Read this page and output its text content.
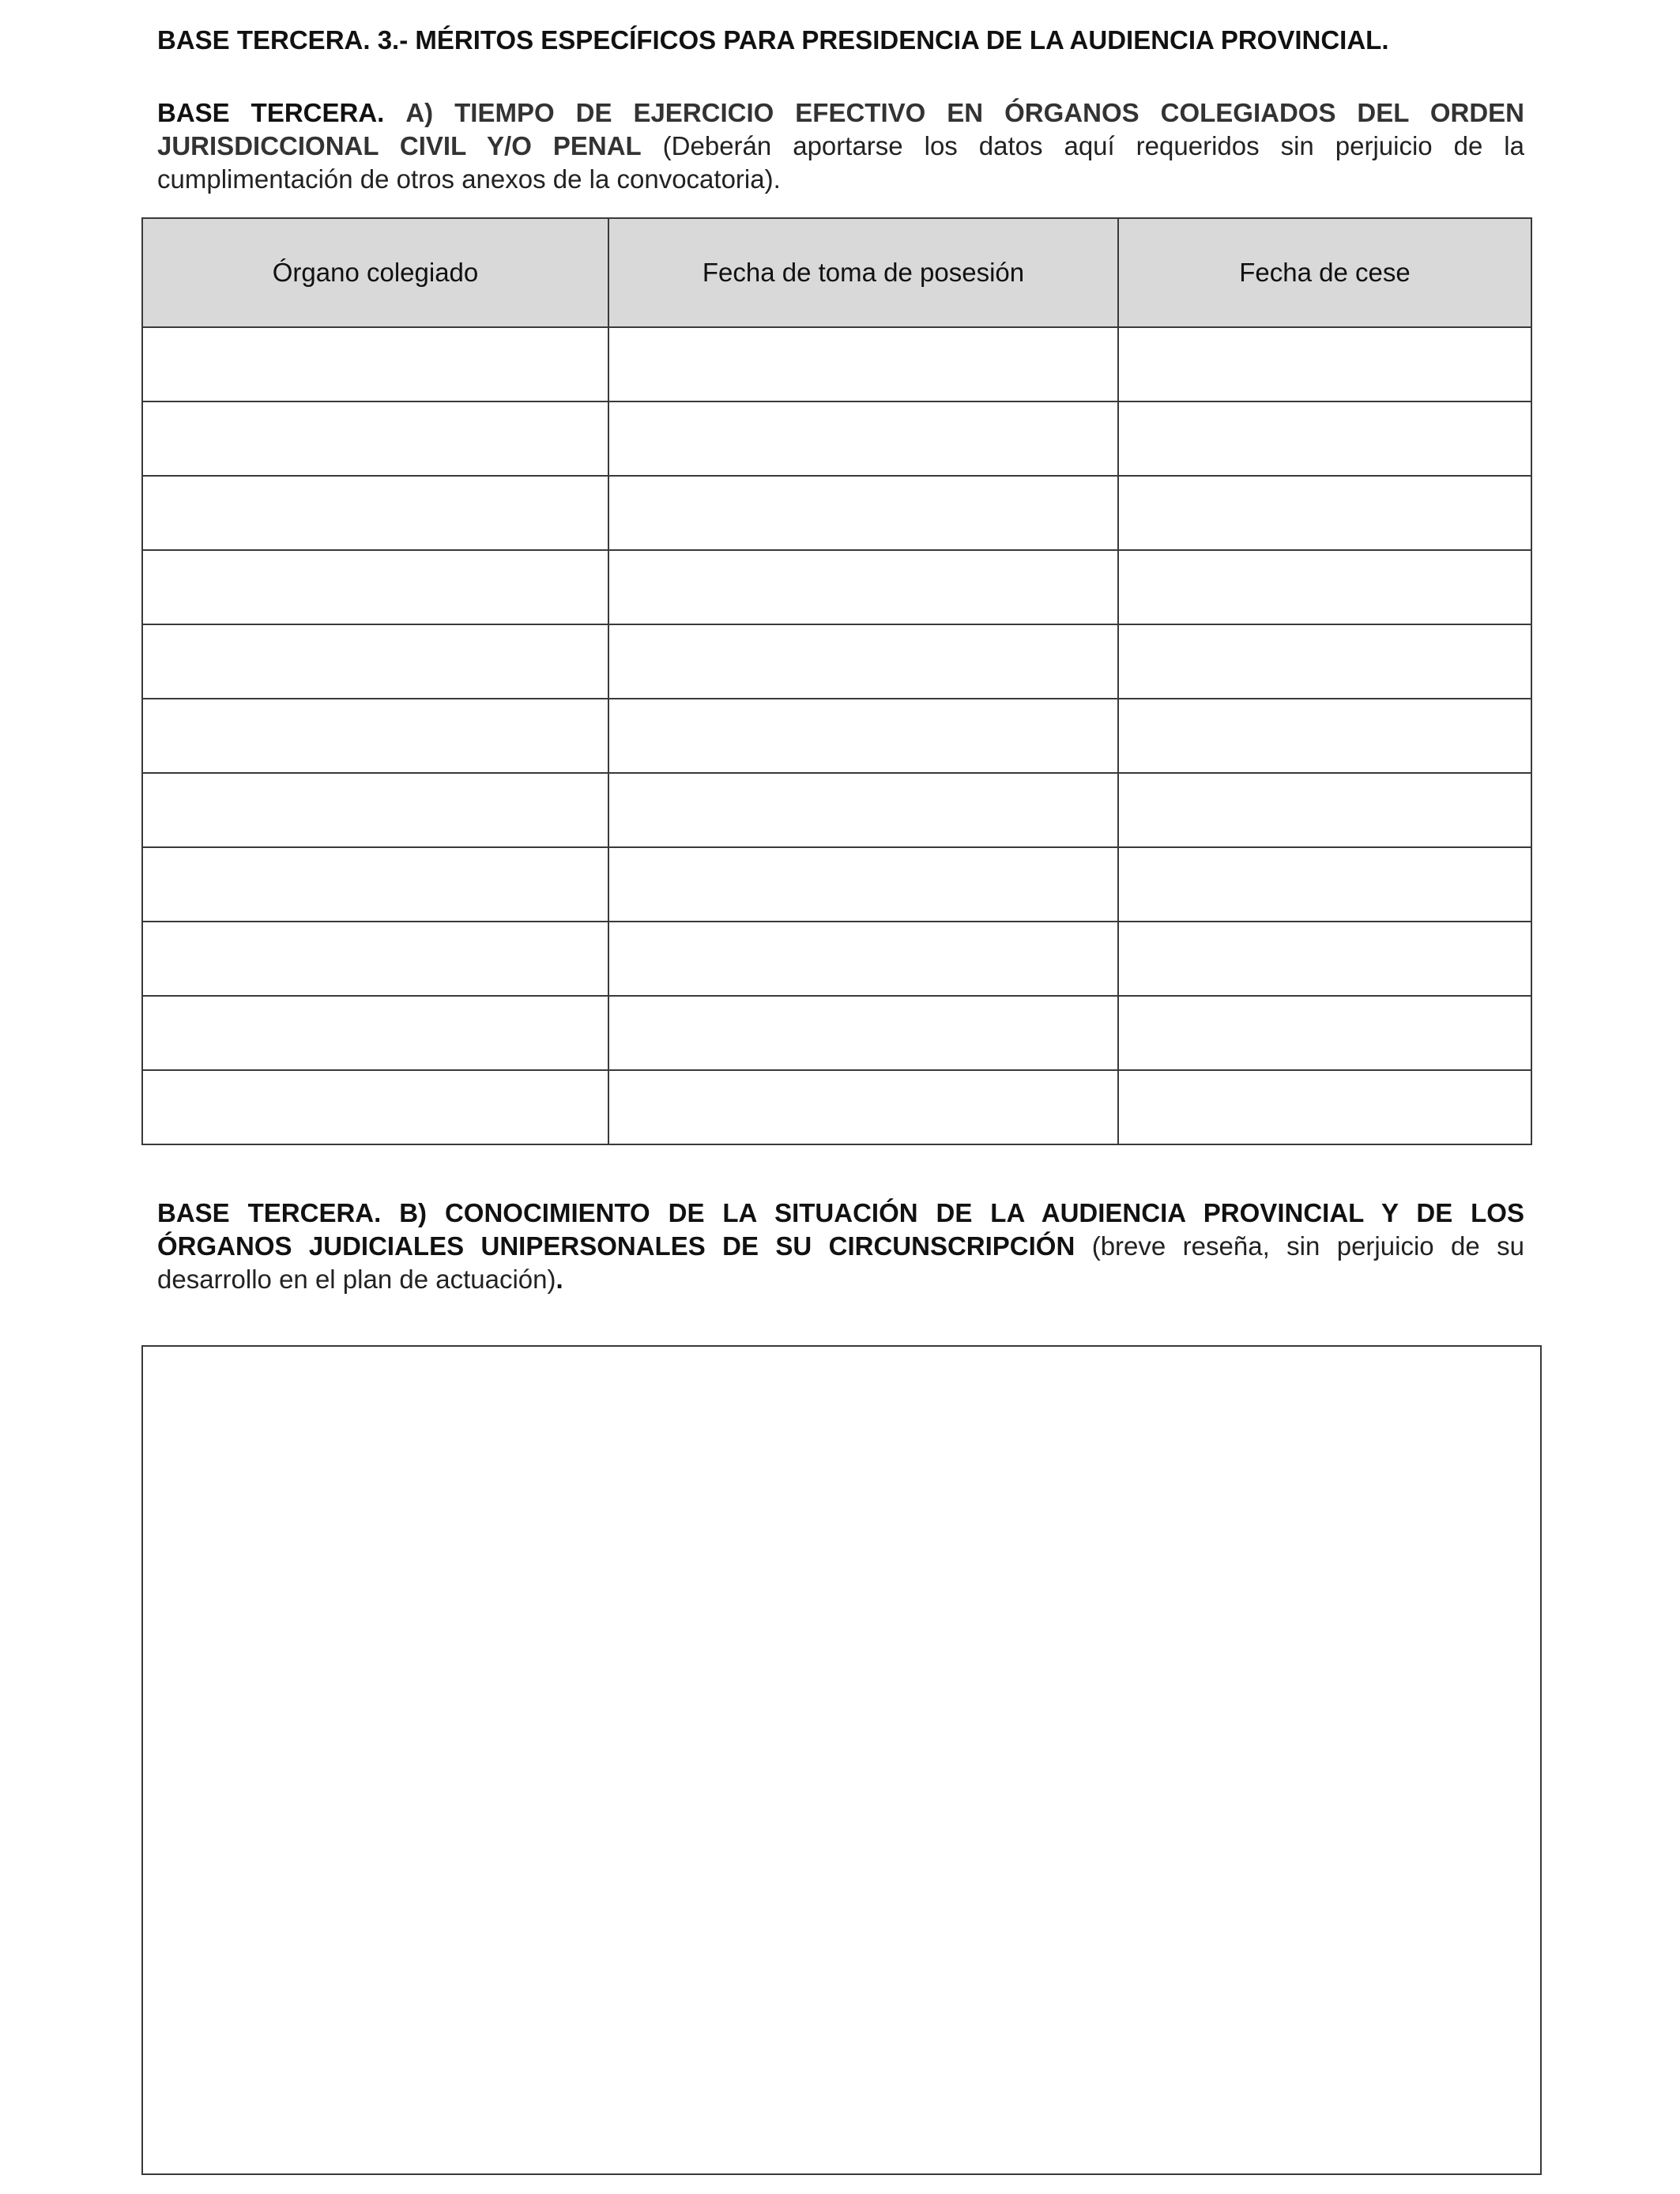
BASE TERCERA. 3.- MÉRITOS ESPECÍFICOS PARA PRESIDENCIA DE LA AUDIENCIA PROVINCIAL.
BASE TERCERA. A) TIEMPO DE EJERCICIO EFECTIVO EN ÓRGANOS COLEGIADOS DEL ORDEN JURISDICCIONAL CIVIL Y/O PENAL (Deberán aportarse los datos aquí requeridos sin perjuicio de la cumplimentación de otros anexos de la convocatoria).
Órgano colegiado	Fecha de toma de posesión	Fecha de cese

BASE TERCERA. B) CONOCIMIENTO DE LA SITUACIÓN DE LA AUDIENCIA PROVINCIAL Y DE LOS ÓRGANOS JUDICIALES UNIPERSONALES DE SU CIRCUNSCRIPCIÓN (breve reseña, sin perjuicio de su desarrollo en el plan de actuación).
